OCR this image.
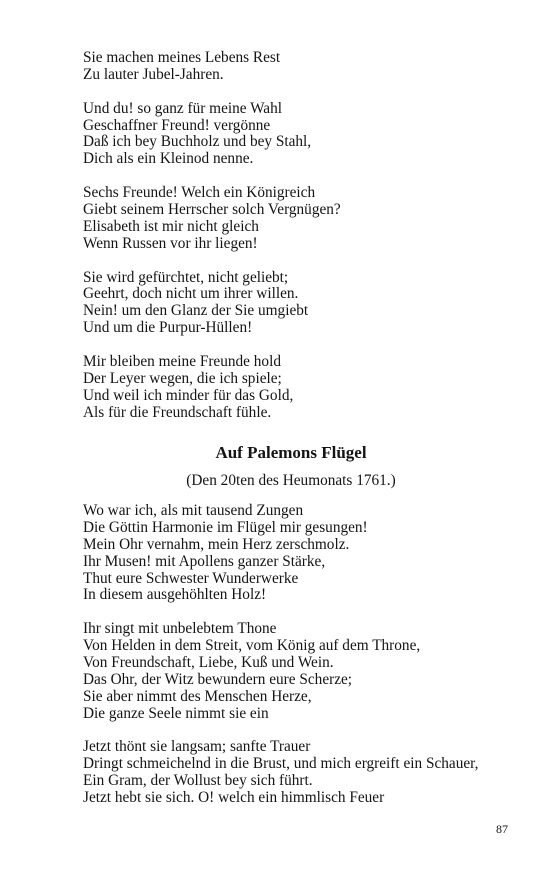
Sie machen meines Lebens Rest
Zu lauter Jubel-Jahren.
Und du! so ganz für meine Wahl
Geschaffner Freund! vergönne
Daß ich bey Buchholz und bey Stahl,
Dich als ein Kleinod nenne.
Sechs Freunde! Welch ein Königreich
Giebt seinem Herrscher solch Vergnügen?
Elisabeth ist mir nicht gleich
Wenn Russen vor ihr liegen!
Sie wird gefürchtet, nicht geliebt;
Geehrt, doch nicht um ihrer willen.
Nein! um den Glanz der Sie umgiebt
Und um die Purpur-Hüllen!
Mir bleiben meine Freunde hold
Der Leyer wegen, die ich spiele;
Und weil ich minder für das Gold,
Als für die Freundschaft fühle.
Auf Palemons Flügel
(Den 20ten des Heumonats 1761.)
Wo war ich, als mit tausend Zungen
Die Göttin Harmonie im Flügel mir gesungen!
Mein Ohr vernahm, mein Herz zerschmolz.
Ihr Musen! mit Apollens ganzer Stärke,
Thut eure Schwester Wunderwerke
In diesem ausgehöhlten Holz!
Ihr singt mit unbelebtem Thone
Von Helden in dem Streit, vom König auf dem Throne,
Von Freundschaft, Liebe, Kuß und Wein.
Das Ohr, der Witz bewundern eure Scherze;
Sie aber nimmt des Menschen Herze,
Die ganze Seele nimmt sie ein
Jetzt thönt sie langsam; sanfte Trauer
Dringt schmeichelnd in die Brust, und mich ergreift ein Schauer,
Ein Gram, der Wollust bey sich führt.
Jetzt hebt sie sich. O! welch ein himmlisch Feuer
87
